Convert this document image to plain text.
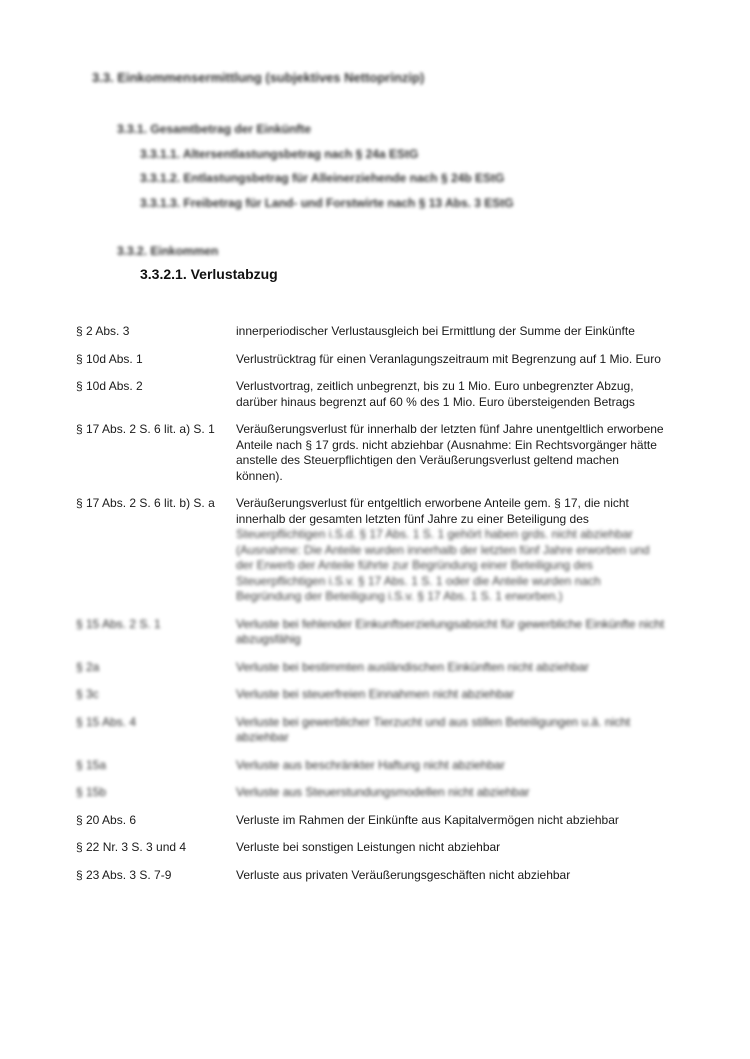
3.3. Einkommensermittlung (subjektives Nettoprinzip)
3.3.1. Gesamtbetrag der Einkünfte
3.3.1.1. Altersentlastungsbetrag nach § 24a EStG
3.3.1.2. Entlastungsbetrag für Alleinerziehende nach § 24b EStG
3.3.1.3. Freibetrag für Land- und Forstwirte nach § 13 Abs. 3 EStG
3.3.2. Einkommen
3.3.2.1. Verlustabzug
§ 2 Abs. 3	innerperiodischer Verlustausgleich bei Ermittlung der Summe der Einkünfte
§ 10d Abs. 1	Verlustrücktrag für einen Veranlagungszeitraum mit Begrenzung auf 1 Mio. Euro
§ 10d Abs. 2	Verlustvortrag, zeitlich unbegrenzt, bis zu 1 Mio. Euro unbegrenzter Abzug, darüber hinaus begrenzt auf 60 % des 1 Mio. Euro übersteigenden Betrags
§ 17 Abs. 2 S. 6 lit. a) S. 1	Veräußerungsverlust für innerhalb der letzten fünf Jahre unentgeltlich erworbene Anteile nach § 17 grds. nicht abziehbar (Ausnahme: Ein Rechtsvorgänger hätte anstelle des Steuerpflichtigen den Veräußerungsverlust geltend machen können).
§ 17 Abs. 2 S. 6 lit. b) S. a	Veräußerungsverlust für entgeltlich erworbene Anteile gem. § 17, die nicht innerhalb der gesamten letzten fünf Jahre zu einer Beteiligung des
Steuerpflichtigen i.S.d. § 17 Abs. 1 S. 1 gehört haben grds. nicht abziehbar (Ausnahme: Die Anteile wurden innerhalb der letzten fünf Jahre erworben und der Erwerb der Anteile führte zur Begründung einer Beteiligung des Steuerpflichtigen i.S.v. § 17 Abs. 1 S. 1 oder die Anteile wurden nach Begründung der Beteiligung i.S.v. § 17 Abs. 1 S. 1 erworben.)
§ 15 Abs. 2 S. 1	Verluste bei fehlender Einkunftserzielungsabsicht für gewerbliche Einkünfte nicht abzugsfähig
§ 2a	Verluste bei bestimmten ausländischen Einkünften nicht abziehbar
§ 3c	Verluste bei steuerfreien Einnahmen nicht abziehbar
§ 15 Abs. 4	Verluste bei gewerblicher Tierzucht und aus stillen Beteiligungen u.ä. nicht abziehbar
§ 15a	Verluste aus beschränkter Haftung nicht abziehbar
§ 15b	Verluste aus Steuerstundungsmodellen nicht abziehbar
§ 20 Abs. 6	Verluste im Rahmen der Einkünfte aus Kapitalvermögen nicht abziehbar
§ 22 Nr. 3 S. 3 und 4	Verluste bei sonstigen Leistungen nicht abziehbar
§ 23 Abs. 3 S. 7-9	Verluste aus privaten Veräußerungsgeschäften nicht abziehbar
